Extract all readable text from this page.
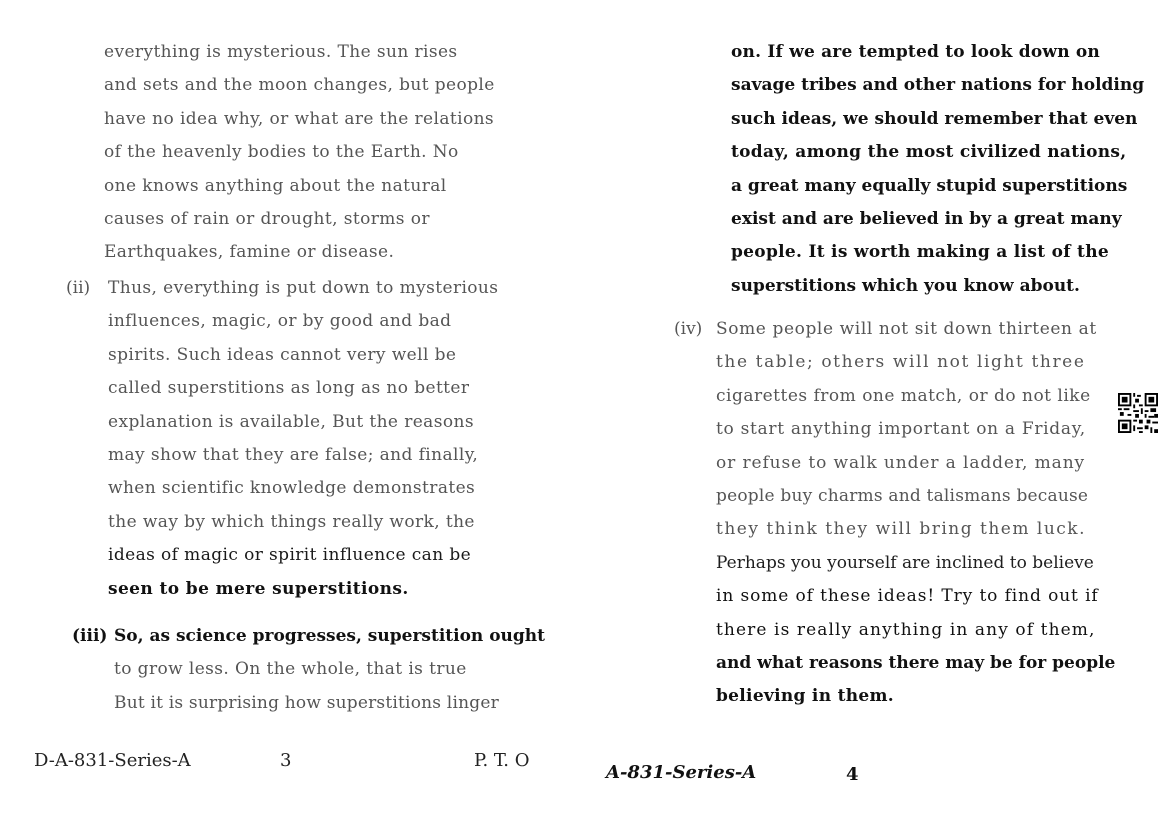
everything is mysterious. The sun rises
and sets and the moon changes, but people
have no idea why, or what are the relations
of the heavenly bodies to the Earth. No
one knows anything about the natural
causes of rain or drought, storms or
Earthquakes, famine or disease.
(ii) Thus, everything is put down to mysterious
influences, magic, or by good and bad
spirits. Such ideas cannot very well be
called superstitions as long as no better
explanation is available, But the reasons
may show that they are false; and finally,
when scientific knowledge demonstrates
the way by which things really work, the
ideas of magic or spirit influence can be
seen to be mere superstitions.
(iii) So, as science progresses, superstition ought
to grow less. On the whole, that is true
But it is surprising how superstitions linger
D-A-831-Series-A	3	P. T. O
on. If we are tempted to look down on
savage tribes and other nations for holding
such ideas, we should remember that even
today, among the most civilized nations,
a great many equally stupid superstitions
exist and are believed in by a great many
people. It is worth making a list of the
superstitions which you know about.
(iv) Some people will not sit down thirteen at
the table; others will not light three
cigarettes from one match, or do not like
to start anything important on a Friday,
or refuse to walk under a ladder, many
people buy charms and talismans because
they think they will bring them luck.
Perhaps you yourself are inclined to believe
in some of these ideas! Try to find out if
there is really anything in any of them,
and what reasons there may be for people
believing in them.
A-831-Series-A	4
